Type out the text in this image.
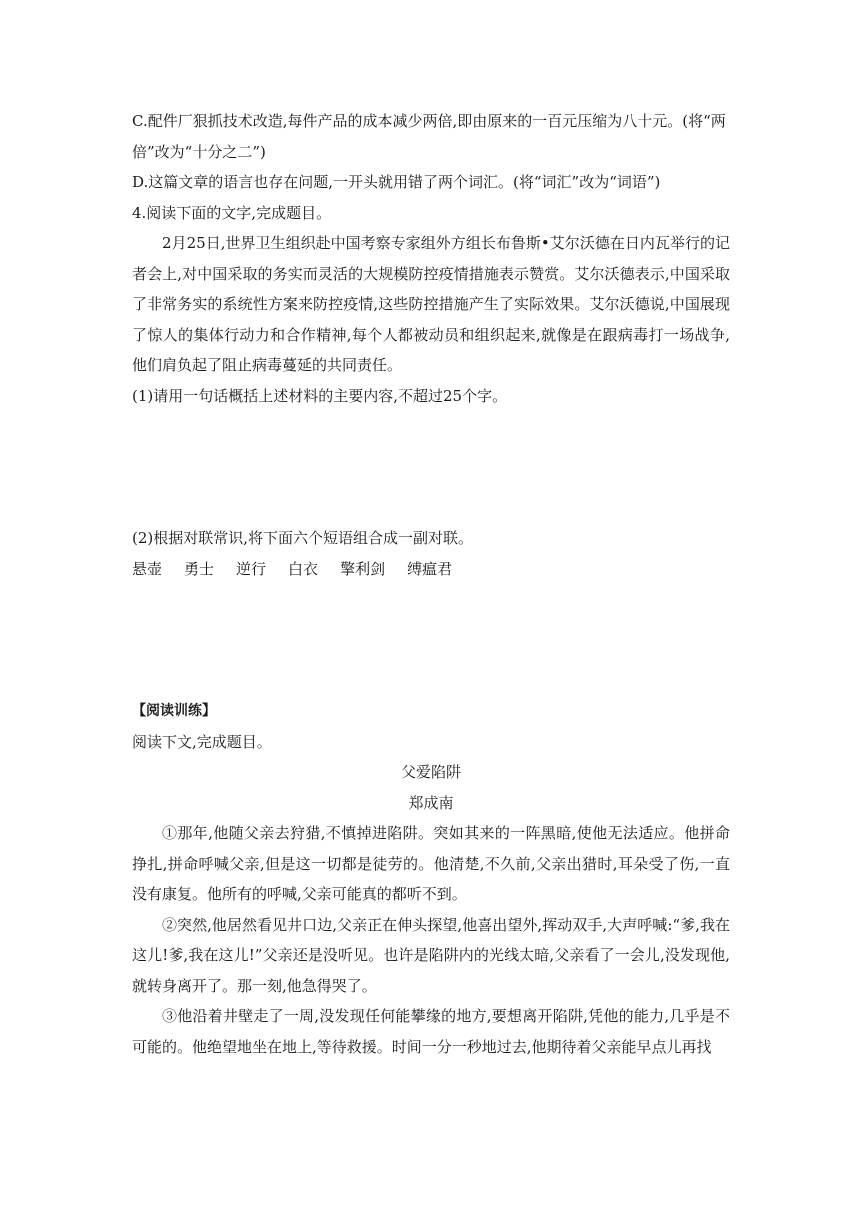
C.配件厂狠抓技术改造,每件产品的成本减少两倍,即由原来的一百元压缩为八十元。(将“两
倍”改为“十分之二”)
D.这篇文章的语言也存在问题,一开头就用错了两个词汇。(将“词汇”改为“词语”)
4.阅读下面的文字,完成题目。

2月25日,世界卫生组织赴中国考察专家组外方组长布鲁斯•艾尔沃德在日内瓦举行的记者会上,对中国采取的务实而灵活的大规模防控疫情措施表示赞赏。艾尔沃德表示,中国采取了非常务实的系统性方案来防控疫情,这些防控措施产生了实际效果。艾尔沃德说,中国展现了惊人的集体行动力和合作精神,每个人都被动员和组织起来,就像是在跟病毒打一场战争,他们肩负起了阻止病毒蔓延的共同责任。

(1)请用一句话概括上述材料的主要内容,不超过25个字。
(2)根据对联常识,将下面六个短语组合成一副对联。
悬壶 勇士 逆行 白衣 擎利剑 缚瘟君
【阅读训练】
阅读下文,完成题目。
父爱陷阱
郑成南

①那年,他随父亲去狩猎,不慎掉进陷阱。突如其来的一阵黑暗,使他无法适应。他拼命挣扎,拼命呼喊父亲,但是这一切都是徒劳的。他清楚,不久前,父亲出猎时,耳朵受了伤,一直没有康复。他所有的呼喊,父亲可能真的都听不到。

②突然,他居然看见井口边,父亲正在伸头探望,他喜出望外,挥动双手,大声呼喊:“爹,我在这儿!爹,我在这儿!”父亲还是没听见。也许是陷阱内的光线太暗,父亲看了一会儿,没发现他,就转身离开了。那一刻,他急得哭了。

③他沿着井壁走了一周,没发现任何能攀缘的地方,要想离开陷阱,凭他的能力,几乎是不可能的。他绝望地坐在地上,等待救援。时间一分一秒地过去,他期待着父亲能早点儿再找
